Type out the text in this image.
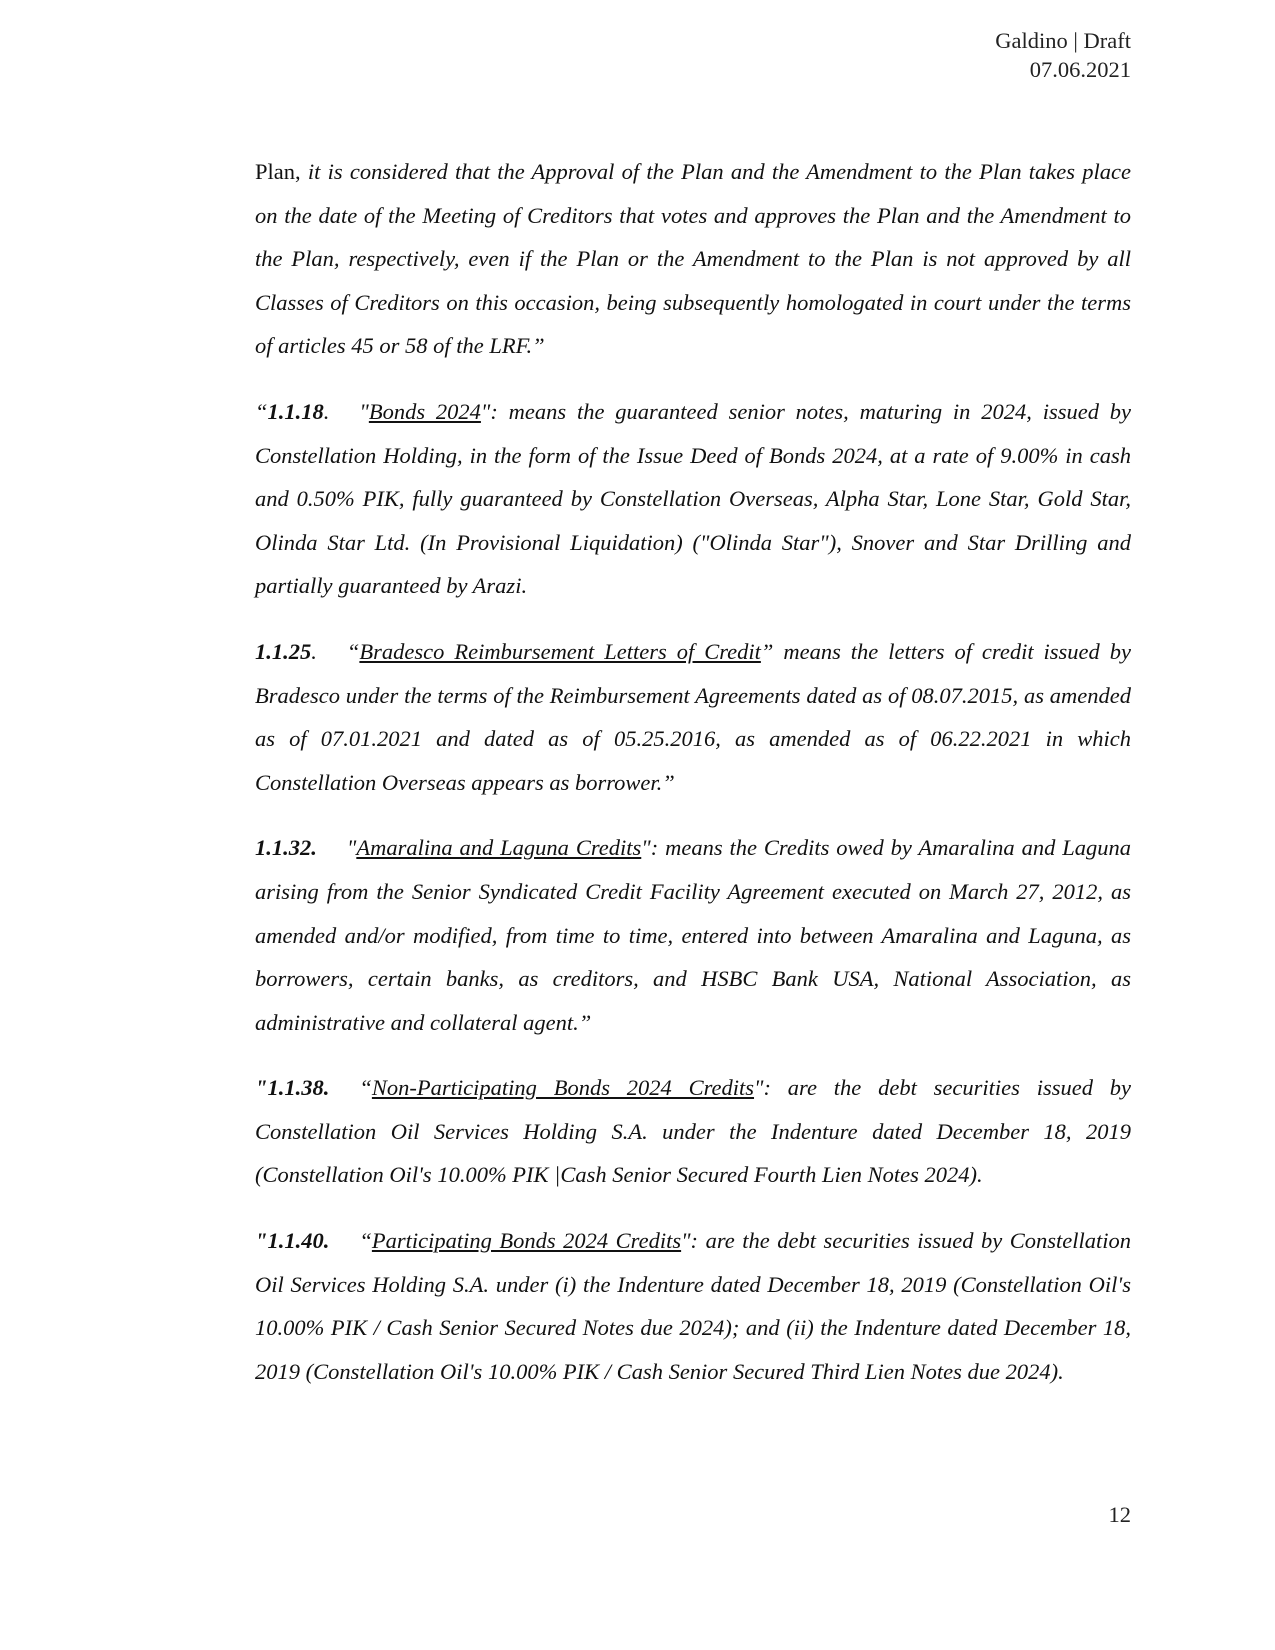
Galdino | Draft
07.06.2021

Plan, it is considered that the Approval of the Plan and the Amendment to the Plan takes place on the date of the Meeting of Creditors that votes and approves the Plan and the Amendment to the Plan, respectively, even if the Plan or the Amendment to the Plan is not approved by all Classes of Creditors on this occasion, being subsequently homologated in court under the terms of articles 45 or 58 of the LRF.”

“1.1.18. "Bonds 2024": means the guaranteed senior notes, maturing in 2024, issued by Constellation Holding, in the form of the Issue Deed of Bonds 2024, at a rate of 9.00% in cash and 0.50% PIK, fully guaranteed by Constellation Overseas, Alpha Star, Lone Star, Gold Star, Olinda Star Ltd. (In Provisional Liquidation) ("Olinda Star"), Snover and Star Drilling and partially guaranteed by Arazi.

1.1.25. “Bradesco Reimbursement Letters of Credit” means the letters of credit issued by Bradesco under the terms of the Reimbursement Agreements dated as of 08.07.2015, as amended as of 07.01.2021 and dated as of 05.25.2016, as amended as of 06.22.2021 in which Constellation Overseas appears as borrower.”

1.1.32. "Amaralina and Laguna Credits": means the Credits owed by Amaralina and Laguna arising from the Senior Syndicated Credit Facility Agreement executed on March 27, 2012, as amended and/or modified, from time to time, entered into between Amaralina and Laguna, as borrowers, certain banks, as creditors, and HSBC Bank USA, National Association, as administrative and collateral agent.”

"1.1.38. “Non-Participating Bonds 2024 Credits": are the debt securities issued by Constellation Oil Services Holding S.A. under the Indenture dated December 18, 2019 (Constellation Oil's 10.00% PIK |Cash Senior Secured Fourth Lien Notes 2024).

"1.1.40. “Participating Bonds 2024 Credits": are the debt securities issued by Constellation Oil Services Holding S.A. under (i) the Indenture dated December 18, 2019 (Constellation Oil's 10.00% PIK / Cash Senior Secured Notes due 2024); and (ii) the Indenture dated December 18, 2019 (Constellation Oil's 10.00% PIK / Cash Senior Secured Third Lien Notes due 2024).

12
